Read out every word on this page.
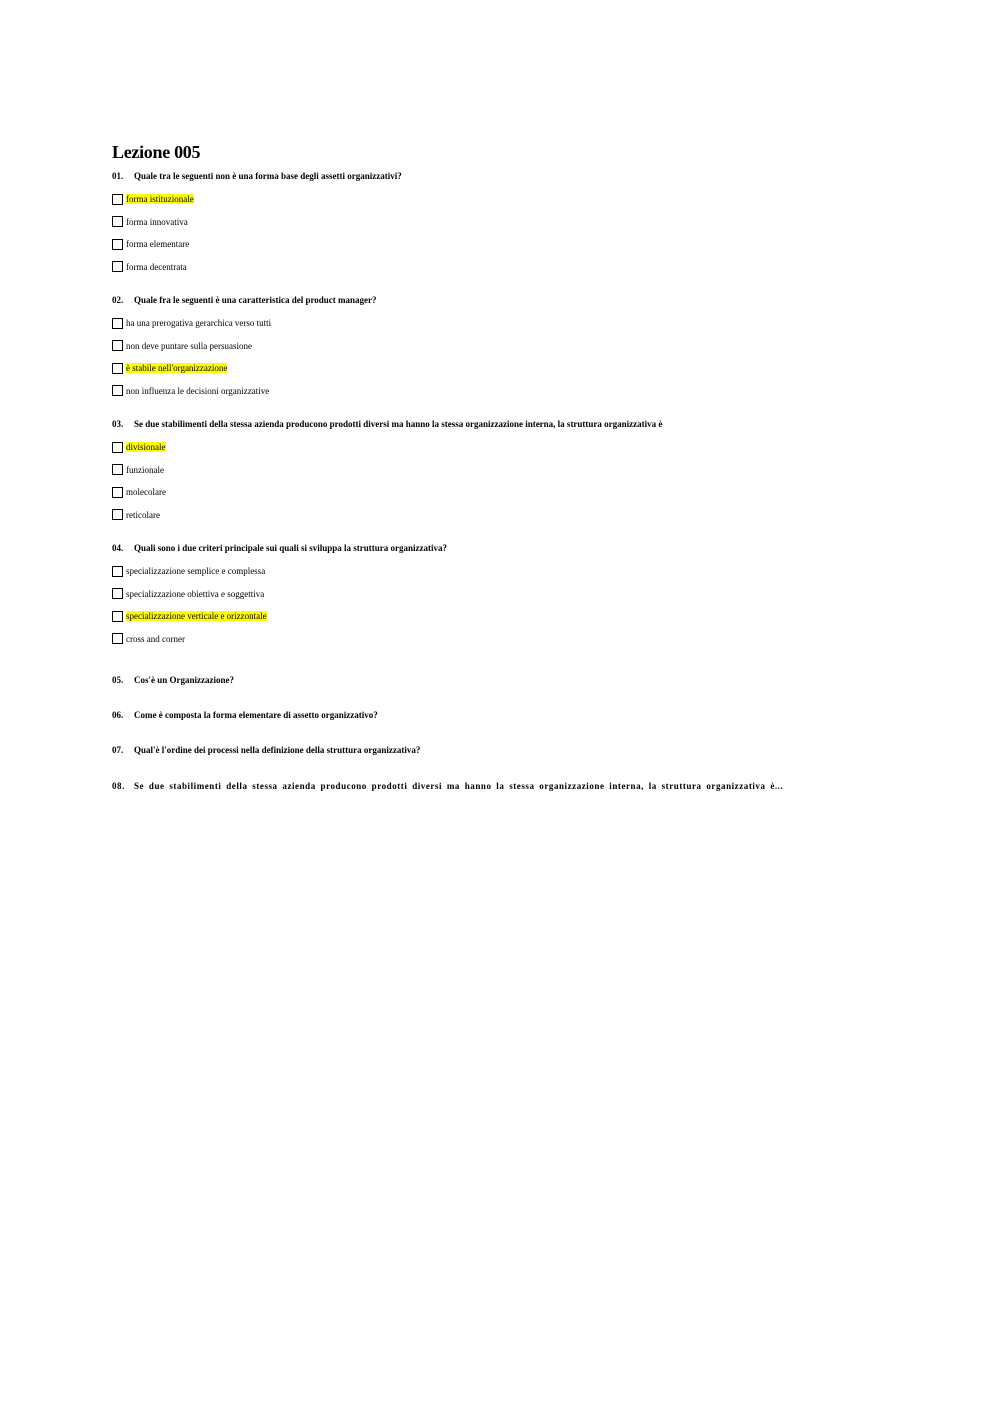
Lezione 005

01. Quale tra le seguenti non è una forma base degli assetti organizzativi?

forma istituzionale
forma innovativa
forma elementare
forma decentrata

02. Quale fra le seguenti è una caratteristica del product manager?

ha una prerogativa gerarchica verso tutti
non deve puntare sulla persuasione
è stabile nell'organizzazione
non influenza le decisioni organizzative

03. Se due stabilimenti della stessa azienda producono prodotti diversi ma hanno la stessa organizzazione interna, la struttura organizzativa è

divisionale
funzionale
molecolare
reticolare

04. Quali sono i due criteri principale sui quali si sviluppa la struttura organizzativa?

specializzazione semplice e complessa
specializzazione obiettiva e soggettiva
specializzazione verticale e orizzontale
cross and corner

05. Cos'è un Organizzazione?

06. Come è composta la forma elementare di assetto organizzativo?

07. Qual'è l'ordine dei processi nella definizione della struttura organizzativa?

08. Se due stabilimenti della stessa azienda producono prodotti diversi ma hanno la stessa organizzazione interna, la struttura organizzativa è...
